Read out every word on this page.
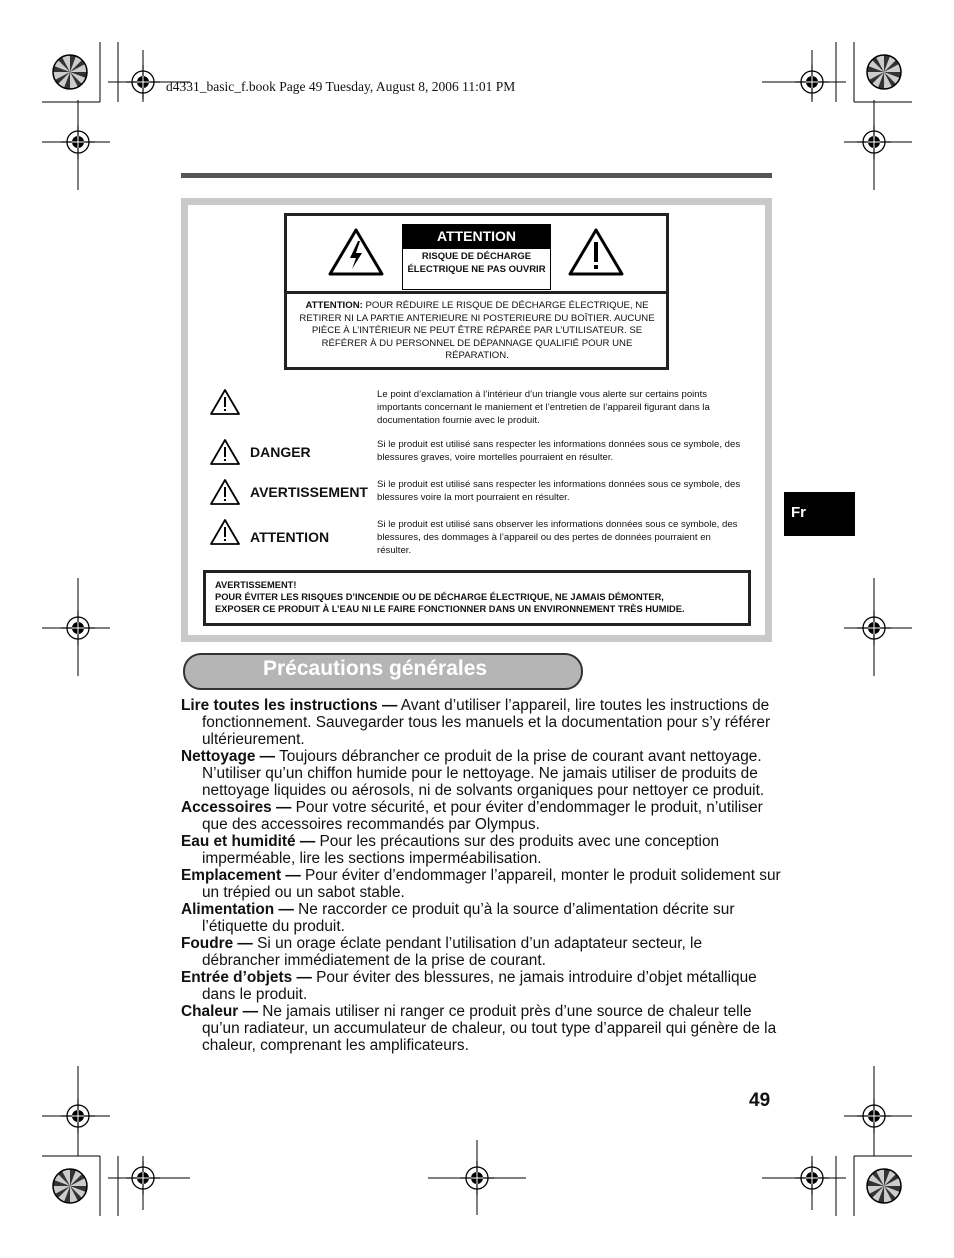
d4331_basic_f.book Page 49 Tuesday, August 8, 2006 11:01 PM
ATTENTION
RISQUE DE DÉCHARGE ÉLECTRIQUE NE PAS OUVRIR
ATTENTION: POUR RÉDUIRE LE RISQUE DE DÉCHARGE ÉLECTRIQUE, NE RETIRER NI LA PARTIE ANTERIEURE NI POSTERIEURE DU BOÎTIER. AUCUNE PIÈCE À L’INTÉRIEUR NE PEUT ÊTRE RÉPARÉE PAR L’UTILISATEUR. SE RÉFÉRER À DU PERSONNEL DE DÉPANNAGE QUALIFIÉ POUR UNE RÉPARATION.
Le point d’exclamation à l’intérieur d’un triangle vous alerte sur certains points importants concernant le maniement et l’entretien de l’appareil figurant dans la documentation fournie avec le produit.
DANGER	Si le produit est utilisé sans respecter les informations données sous ce symbole, des blessures graves, voire mortelles pourraient en résulter.
AVERTISSEMENT Si le produit est utilisé sans respecter les informations données sous ce symbole, des blessures voire la mort pourraient en résulter.
ATTENTION
Si le produit est utilisé sans observer les informations données sous ce symbole, des blessures, des dommages à l’appareil ou des pertes de données pourraient en résulter.
AVERTISSEMENT!
POUR ÉVITER LES RISQUES D’INCENDIE OU DE DÉCHARGE ÉLECTRIQUE, NE JAMAIS DÉMONTER,
EXPOSER CE PRODUIT À L’EAU NI LE FAIRE FONCTIONNER DANS UN ENVIRONNEMENT TRÈS HUMIDE.
Précautions générales

Lire toutes les instructions — Avant d’utiliser l’appareil, lire toutes les instructions de fonctionnement. Sauvegarder tous les manuels et la documentation pour s’y référer ultérieurement.

Nettoyage — Toujours débrancher ce produit de la prise de courant avant nettoyage. N’utiliser qu’un chiffon humide pour le nettoyage. Ne jamais utiliser de produits de nettoyage liquides ou aérosols, ni de solvants organiques pour nettoyer ce produit.

Accessoires — Pour votre sécurité, et pour éviter d’endommager le produit, n’utiliser que des accessoires recommandés par Olympus.

Eau et humidité — Pour les précautions sur des produits avec une conception imperméable, lire les sections imperméabilisation.

Emplacement — Pour éviter d’endommager l’appareil, monter le produit solidement sur un trépied ou un sabot stable.

Alimentation — Ne raccorder ce produit qu’à la source d’alimentation décrite sur l’étiquette du produit.

Foudre — Si un orage éclate pendant l’utilisation d’un adaptateur secteur, le débrancher immédiatement de la prise de courant.

Entrée d’objets — Pour éviter des blessures, ne jamais introduire d’objet métallique dans le produit.

Chaleur — Ne jamais utiliser ni ranger ce produit près d’une source de chaleur telle qu’un radiateur, un accumulateur de chaleur, ou tout type d’appareil qui génère de la chaleur, comprenant les amplificateurs.

Fr
49
